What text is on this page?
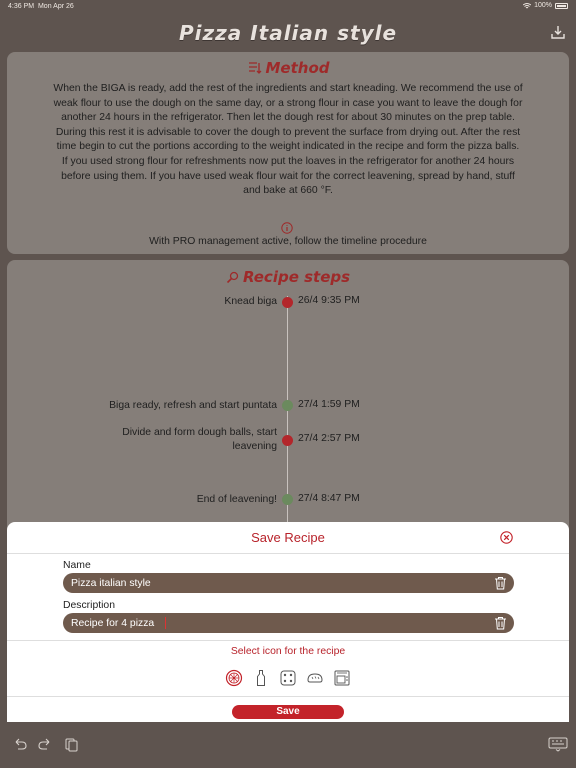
4:36 PM Mon Apr 26	100%
Pizza Italian style
Method
When the BIGA is ready, add the rest of the ingredients and start kneading. We recommend the use of weak flour to use the dough on the same day, or a strong flour in case you want to leave the dough for another 24 hours in the refrigerator. Then let the dough rest for about 30 minutes on the prep table. During this rest it is advisable to cover the dough to prevent the surface from drying out. After the rest time begin to cut the portions according to the weight indicated in the recipe and form the pizza balls. If you used strong flour for refreshments now put the loaves in the refrigerator for another 24 hours before using them. If you have used weak flour wait for the correct leavening, spread by hand, stuff and bake at 660 °F.
With PRO management active, follow the timeline procedure
Recipe steps
Knead biga 26/4 9:35 PM
Biga ready, refresh and start puntata 27/4 1:59 PM
Divide and form dough balls, start leavening
27/4 2:57 PM
End of leavening! 27/4 8:47 PM
Save Recipe
Name
Pizza italian style
Description
Recipe for 4 pizza
Select icon for the recipe
Save
